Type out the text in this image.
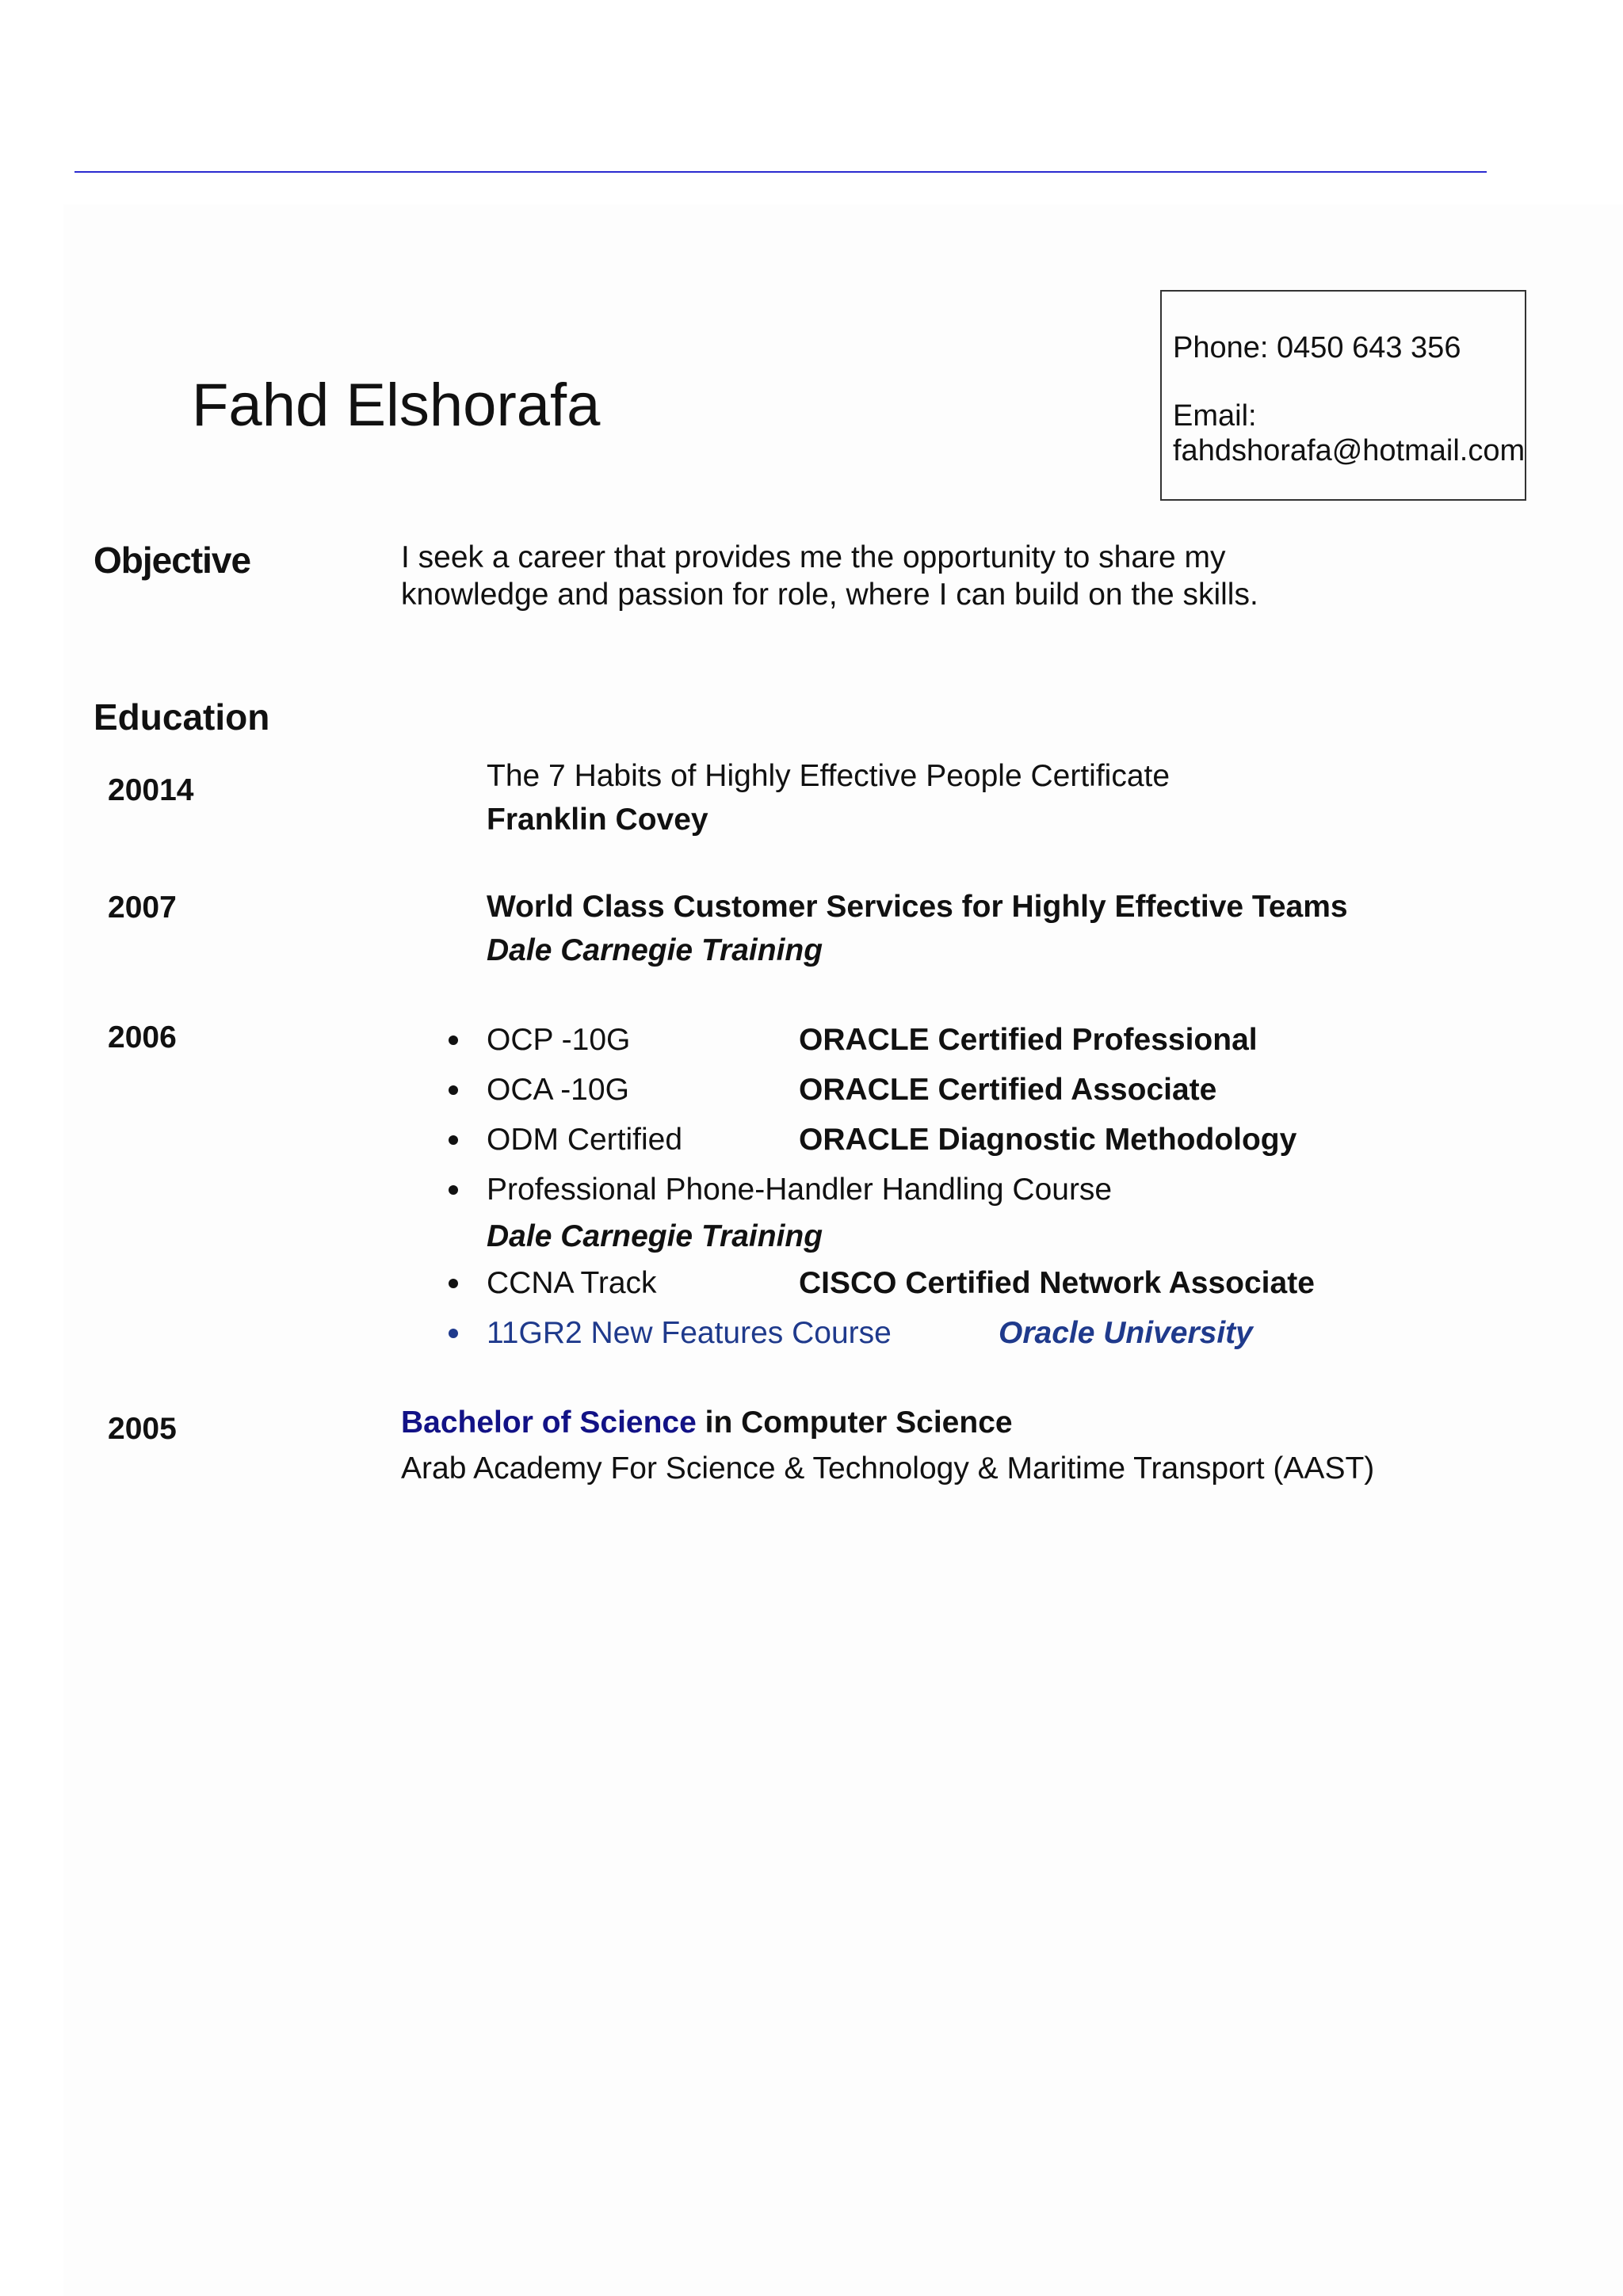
Fahd Elshorafa
Phone: 0450 643 356
Email:
fahdshorafa@hotmail.com
Objective	I seek a career that provides me the opportunity to share my
knowledge and passion for role, where I can build on the skills.
Education
20014	The 7 Habits of Highly Effective People Certificate
Franklin Covey
2007	World Class Customer Services for Highly Effective Teams
Dale Carnegie Training
2006	OCP -10G	ORACLE Certified Professional
OCA -10G	ORACLE Certified Associate
ODM Certified	ORACLE Diagnostic Methodology
Professional Phone-Handler Handling Course
Dale Carnegie Training
CCNA Track	CISCO Certified Network Associate
11GR2 New Features Course	Oracle University
2005	Bachelor of Science in Computer Science
Arab Academy For Science & Technology & Maritime Transport (AAST)
